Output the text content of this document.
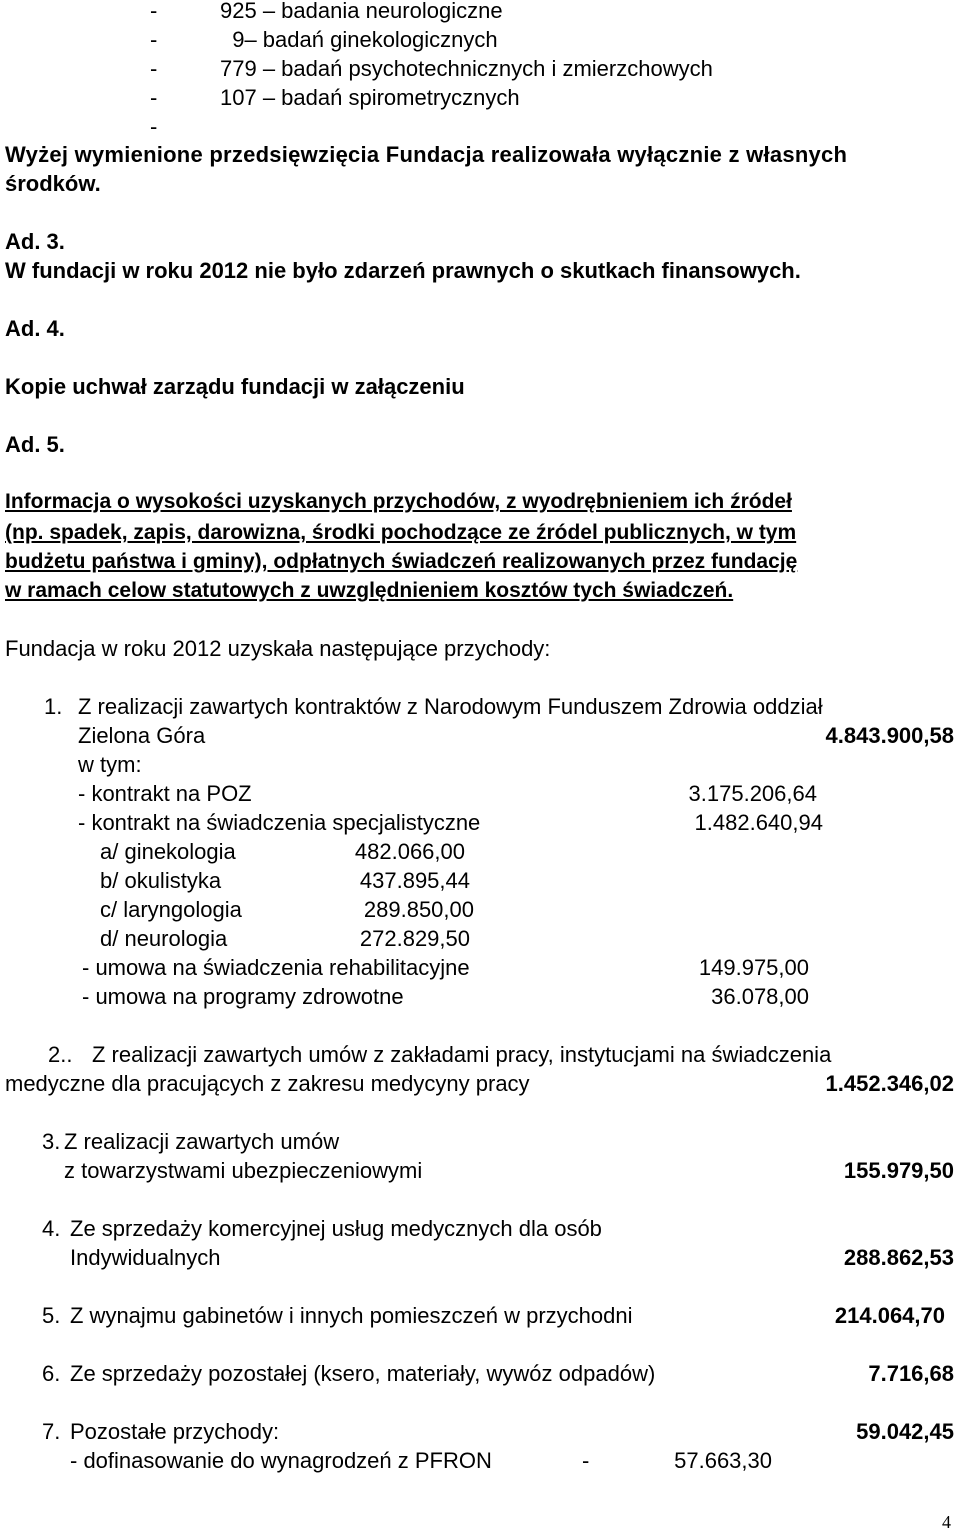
-	925 – badania neurologiczne
-	9– badań ginekologicznych
-	779 – badań psychotechnicznych i zmierzchowych
-	107 – badań spirometrycznych
-
Wyżej wymienione przedsięwzięcia Fundacja realizowała wyłącznie z własnych
środków.
Ad. 3.
W fundacji w roku 2012 nie było zdarzeń prawnych o skutkach finansowych.
Ad. 4.
Kopie uchwał zarządu fundacji w załączeniu
Ad. 5.
Informacja o wysokości uzyskanych przychodów, z wyodrębnieniem ich źródeł
(np. spadek, zapis, darowizna, środki pochodzące ze źródel publicznych, w tym
budżetu państwa i gminy), odpłatnych świadczeń realizowanych przez fundację
w ramach celow statutowych z uwzględnieniem kosztów tych świadczeń.
Fundacja w roku 2012 uzyskała następujące przychody:
1. Z realizacji zawartych kontraktów z Narodowym Funduszem Zdrowia oddział
Zielona Góra	4.843.900,58
w tym:
- kontrakt na POZ	3.175.206,64
- kontrakt na świadczenia specjalistyczne	1.482.640,94
a/ ginekologia	482.066,00
b/ okulistyka	437.895,44
c/ laryngologia	289.850,00
d/ neurologia	272.829,50
- umowa na świadczenia rehabilitacyjne	149.975,00
- umowa na programy zdrowotne	36.078,00
2.. Z realizacji zawartych umów z zakładami pracy, instytucjami na świadczenia
medyczne dla pracujących z zakresu medycyny pracy	1.452.346,02
3. Z realizacji zawartych umów
z towarzystwami ubezpieczeniowymi	155.979,50
4. Ze sprzedaży komercyjnej usług medycznych dla osób
Indywidualnych	288.862,53
5. Z wynajmu gabinetów i innych pomieszczeń w przychodni	214.064,70
6. Ze sprzedaży pozostałej (ksero, materiały, wywóz odpadów)	7.716,68
7. Pozostałe przychody:	59.042,45
- dofinasowanie do wynagrodzeń z PFRON	-	57.663,30
4
